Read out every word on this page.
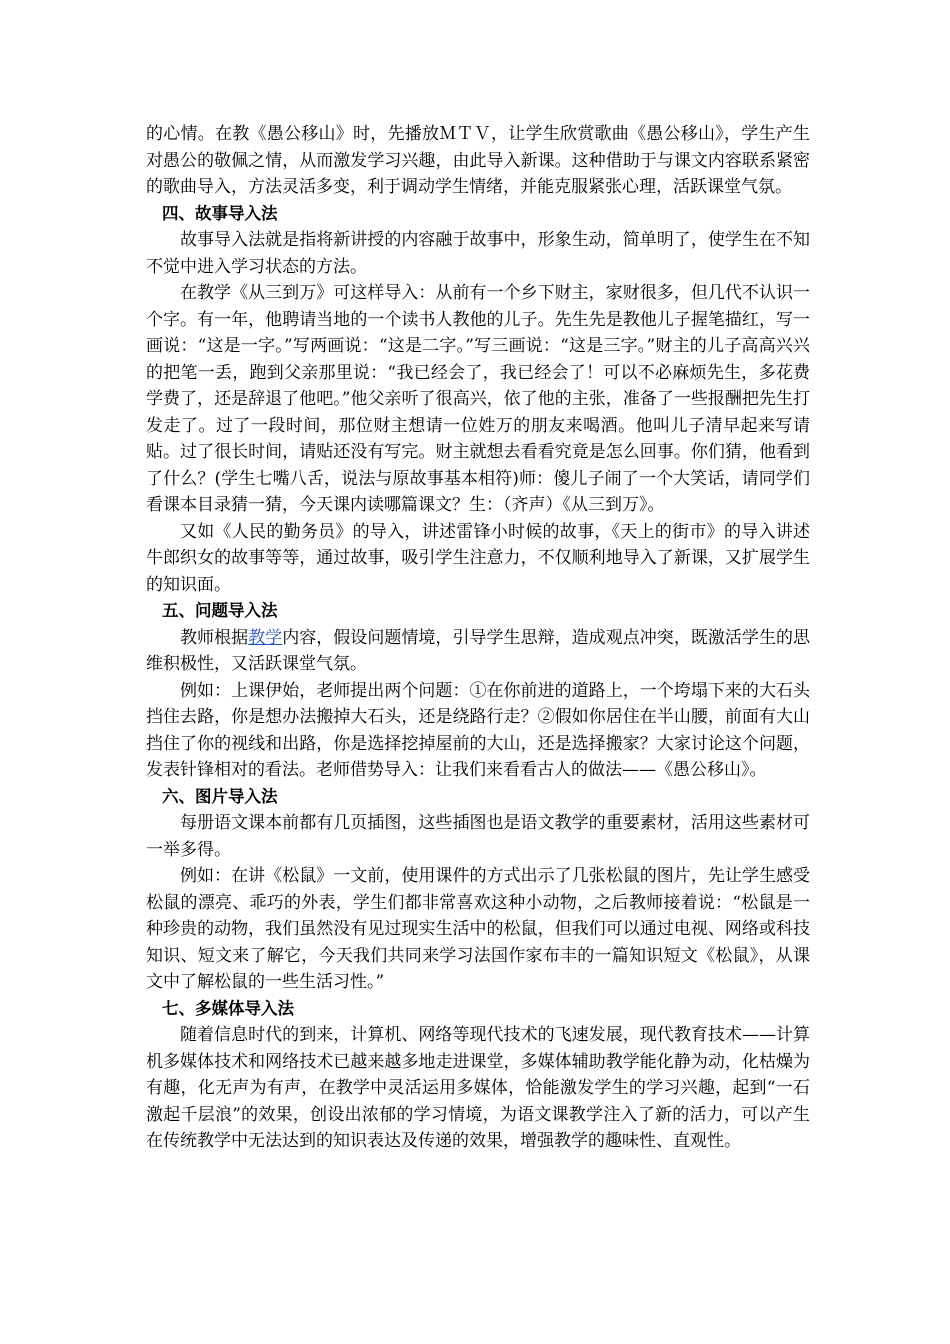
的心情。在教《愚公移山》时，先播放ＭＴＶ，让学生欣赏歌曲《愚公移山》，学生产生对愚公的敬佩之情，从而激发学习兴趣，由此导入新课。这种借助于与课文内容联系紧密的歌曲导入，方法灵活多变，利于调动学生情绪，并能克服紧张心理，活跃课堂气氛。

四、故事导入法

故事导入法就是指将新讲授的内容融于故事中，形象生动，简单明了，使学生在不知不觉中进入学习状态的方法。

在教学《从三到万》可这样导入：从前有一个乡下财主，家财很多，但几代不认识一个字。有一年，他聘请当地的一个读书人教他的儿子。先生先是教他儿子握笔描红，写一画说：“这是一字。”写两画说：“这是二字。”写三画说：“这是三字。”财主的儿子高高兴兴的把笔一丢，跑到父亲那里说：“我已经会了，我已经会了！可以不必麻烦先生，多花费学费了，还是辞退了他吧。”他父亲听了很高兴，依了他的主张，准备了一些报酬把先生打发走了。过了一段时间，那位财主想请一位姓万的朋友来喝酒。他叫儿子清早起来写请贴。过了很长时间，请贴还没有写完。财主就想去看看究竟是怎么回事。你们猜，他看到了什么？(学生七嘴八舌，说法与原故事基本相符)师：傻儿子闹了一个大笑话，请同学们看课本目录猜一猜，今天课内读哪篇课文？生：（齐声）《从三到万》。

又如《人民的勤务员》的导入，讲述雷锋小时候的故事，《天上的街市》的导入讲述牛郎织女的故事等等，通过故事，吸引学生注意力，不仅顺利地导入了新课，又扩展学生的知识面。

五、问题导入法

教师根据教学内容，假设问题情境，引导学生思辩，造成观点冲突，既激活学生的思维积极性，又活跃课堂气氛。

例如：上课伊始，老师提出两个问题：①在你前进的道路上，一个垮塌下来的大石头挡住去路，你是想办法搬掉大石头，还是绕路行走？②假如你居住在半山腰，前面有大山挡住了你的视线和出路，你是选择挖掉屋前的大山，还是选择搬家？大家讨论这个问题，发表针锋相对的看法。老师借势导入：让我们来看看古人的做法——《愚公移山》。

六、图片导入法

每册语文课本前都有几页插图，这些插图也是语文教学的重要素材，活用这些素材可一举多得。

例如：在讲《松鼠》一文前，使用课件的方式出示了几张松鼠的图片，先让学生感受松鼠的漂亮、乖巧的外表，学生们都非常喜欢这种小动物，之后教师接着说：“松鼠是一种珍贵的动物，我们虽然没有见过现实生活中的松鼠，但我们可以通过电视、网络或科技知识、短文来了解它，今天我们共同来学习法国作家布丰的一篇知识短文《松鼠》，从课文中了解松鼠的一些生活习性。”

七、多媒体导入法

随着信息时代的到来，计算机、网络等现代技术的飞速发展，现代教育技术——计算机多媒体技术和网络技术已越来越多地走进课堂，多媒体辅助教学能化静为动，化枯燥为有趣，化无声为有声，在教学中灵活运用多媒体，恰能激发学生的学习兴趣，起到“一石激起千层浪”的效果，创设出浓郁的学习情境，为语文课教学注入了新的活力，可以产生在传统教学中无法达到的知识表达及传递的效果，增强教学的趣味性、直观性。
